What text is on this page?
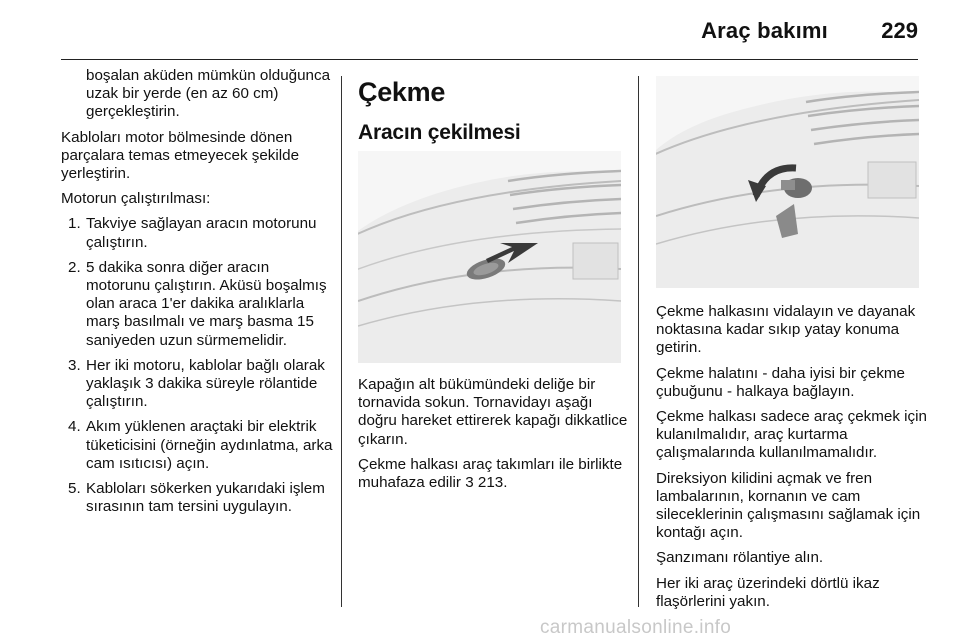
Araç bakımı 229

boşalan aküden mümkün olduğunca uzak bir yerde (en az 60 cm) gerçekleştirin.

Kabloları motor bölmesinde dönen parçalara temas etmeyecek şekilde yerleştirin.

Motorun çalıştırılması:

1. Takviye sağlayan aracın motorunu çalıştırın.
2. 5 dakika sonra diğer aracın motorunu çalıştırın. Aküsü boşalmış olan araca 1'er dakika aralıklarla marş basılmalı ve marş basma 15 saniyeden uzun sürmemelidir.
3. Her iki motoru, kablolar bağlı olarak yaklaşık 3 dakika süreyle rölantide çalıştırın.
4. Akım yüklenen araçtaki bir elektrik tüketicisini (örneğin aydınlatma, arka cam ısıtıcısı) açın.
5. Kabloları sökerken yukarıdaki işlem sırasının tam tersini uygulayın.
Çekme
Aracın çekilmesi

Kapağın alt bükümündeki deliğe bir tornavida sokun. Tornavidayı aşağı doğru hareket ettirerek kapağı dikkatlice çıkarın.

Çekme halkası araç takımları ile birlikte muhafaza edilir 3 213.

Çekme halkasını vidalayın ve dayanak noktasına kadar sıkıp yatay konuma getirin.

Çekme halatını - daha iyisi bir çekme çubuğunu - halkaya bağlayın.

Çekme halkası sadece araç çekmek için kulanılmalıdır, araç kurtarma çalışmalarında kullanılmamalıdır.

Direksiyon kilidini açmak ve fren lambalarının, kornanın ve cam sileceklerinin çalışmasını sağlamak için kontağı açın.

Şanzımanı rölantiye alın.

Her iki araç üzerindeki dörtlü ikaz flaşörlerini yakın.

carmanualsonline.info
